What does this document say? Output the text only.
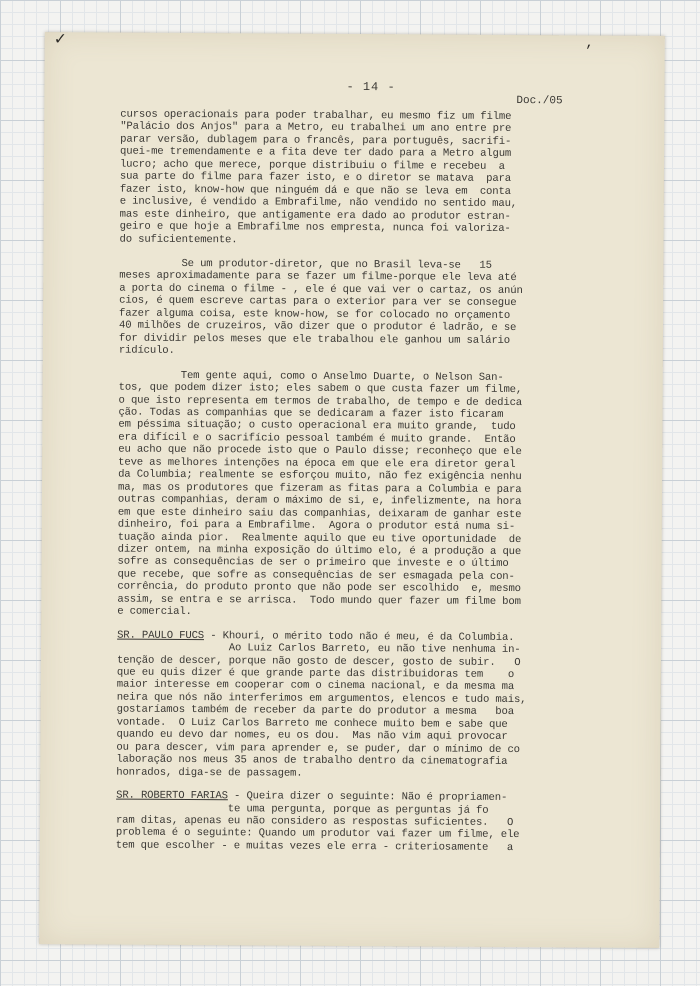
- 14 -
Doc./05
✓	‚

cursos operacionais para poder trabalhar, eu mesmo fiz um filme

"Palácio dos Anjos" para a Metro, eu trabalhei um ano entre pre

parar versão, dublagem para o francês, para português, sacrifi-

quei-me tremendamente e a fita deve ter dado para a Metro algum

lucro; acho que merece, porque distribuiu o filme e recebeu  a

sua parte do filme para fazer isto, e o diretor se matava  para

fazer isto, know-how que ninguém dá e que não se leva em  conta

e inclusive, é vendido a Embrafilme, não vendido no sentido mau,

mas este dinheiro, que antigamente era dado ao produtor estran-

geiro e que hoje a Embrafilme nos empresta, nunca foi valoriza-

do suficientemente.

Se um produtor-diretor, que no Brasil leva-se   15

meses aproximadamente para se fazer um filme-porque ele leva até

a porta do cinema o filme - , ele é que vai ver o cartaz, os anún

cios, é quem escreve cartas para o exterior para ver se consegue

fazer alguma coisa, este know-how, se for colocado no orçamento

40 milhões de cruzeiros, vão dizer que o produtor é ladrão, e se

for dividir pelos meses que ele trabalhou ele ganhou um salário

ridículo.

Tem gente aqui, como o Anselmo Duarte, o Nelson San-

tos, que podem dizer isto; eles sabem o que custa fazer um filme,

o que isto representa em termos de trabalho, de tempo e de dedica

ção. Todas as companhias que se dedicaram a fazer isto ficaram

em péssima situação; o custo operacional era muito grande,  tudo

era difícil e o sacrifício pessoal também é muito grande.  Então

eu acho que não procede isto que o Paulo disse; reconheço que ele

teve as melhores intenções na época em que ele era diretor geral

da Columbia; realmente se esforçou muito, não fez exigência nenhu

ma, mas os produtores que fizeram as fitas para a Columbia e para

outras companhias, deram o máximo de si, e, infelizmente, na hora

em que este dinheiro saiu das companhias, deixaram de ganhar este

dinheiro, foi para a Embrafilme.  Agora o produtor está numa si-

tuação ainda pior.  Realmente aquilo que eu tive oportunidade  de

dizer ontem, na minha exposição do último elo, é a produção a que

sofre as consequências de ser o primeiro que investe e o último

que recebe, que sofre as consequências de ser esmagada pela con-

corrência, do produto pronto que não pode ser escolhido  e, mesmo

assim, se entra e se arrisca.  Todo mundo quer fazer um filme bom

e comercial.

SR. PAULO FUCS - Khouri, o mérito todo não é meu, é da Columbia.

Ao Luiz Carlos Barreto, eu não tive nenhuma in-

tenção de descer, porque não gosto de descer, gosto de subir.   O

que eu quis dizer é que grande parte das distribuidoras tem    o

maior interesse em cooperar com o cinema nacional, e da mesma ma

neira que nós não interferimos em argumentos, elencos e tudo mais,

gostaríamos também de receber da parte do produtor a mesma   boa

vontade.  O Luiz Carlos Barreto me conhece muito bem e sabe que

quando eu devo dar nomes, eu os dou.  Mas não vim aqui provocar

ou para descer, vim para aprender e, se puder, dar o mínimo de co

laboração nos meus 35 anos de trabalho dentro da cinematografia

honrados, diga-se de passagem.

SR. ROBERTO FARIAS - Queira dizer o seguinte: Não é propriamen-

te uma pergunta, porque as perguntas já fo

ram ditas, apenas eu não considero as respostas suficientes.   O

problema é o seguinte: Quando um produtor vai fazer um filme, ele

tem que escolher - e muitas vezes ele erra - criteriosamente   a
